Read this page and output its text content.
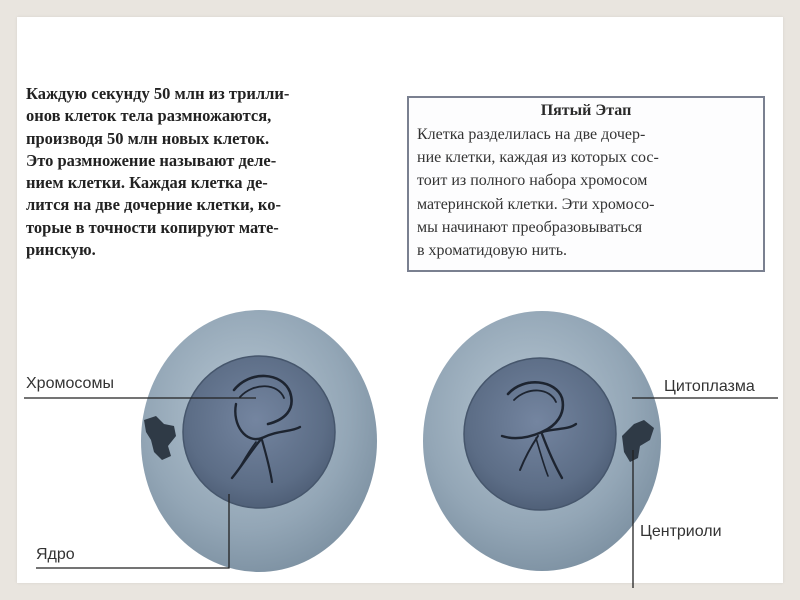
Каждую секунду 50 млн из трилли-
онов клеток тела размножаются,
производя 50 млн новых клеток.
Это размножение называют деле-
нием клетки. Каждая клетка де-
лится на две дочерние клетки, ко-
торые в точности копируют мате-
ринскую.

Пятый Этап
Клетка разделилась на две дочер-
ние клетки, каждая из которых сос-
тоит из полного набора хромосом
материнской клетки. Эти хромосо-
мы начинают преобразовываться
в хроматидовую нить.
Хромосомы
Ядро
Цитоплазма
Центриоли
